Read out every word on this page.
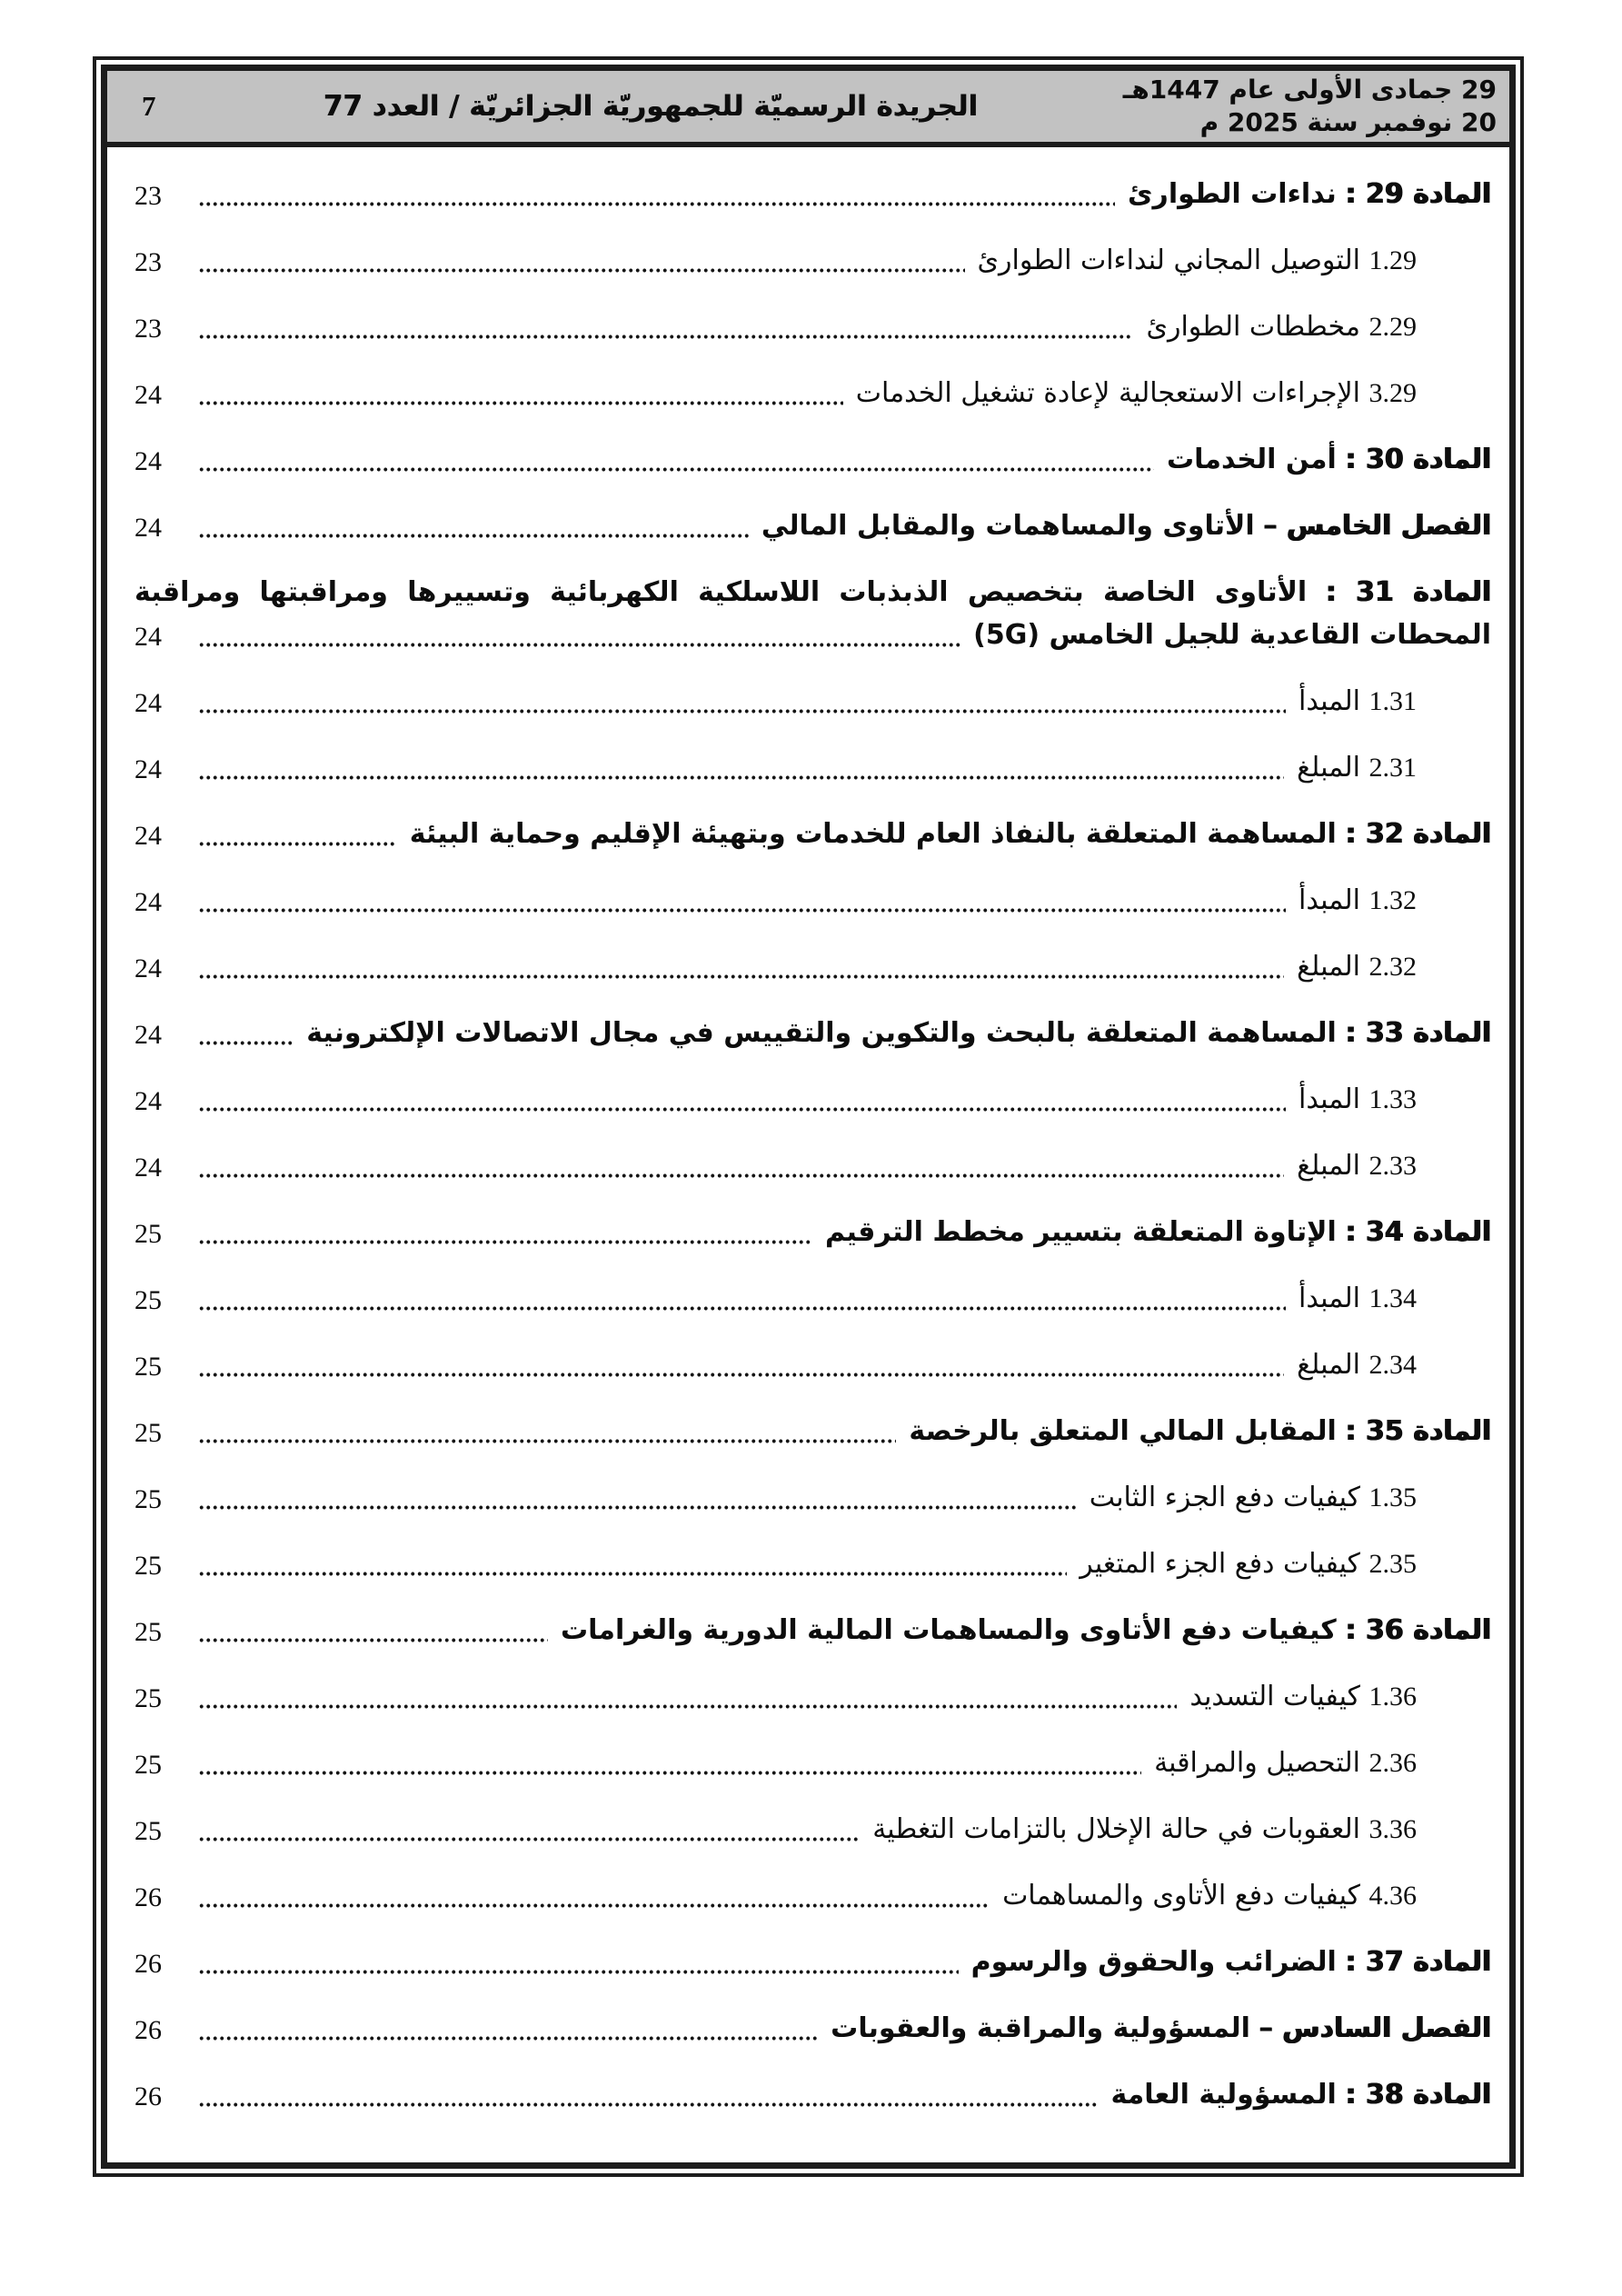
29 جمادى الأولى عام 1447هـ
20 نوفمبر سنة 2025 م
الجريدة الرسميّة للجمهوريّة الجزائريّة / العدد 77
7
المادة 29 : نداءات الطوارئ
23
1.29 التوصيل المجاني لنداءات الطوارئ
23
2.29 مخططات الطوارئ
23
3.29 الإجراءات الاستعجالية لإعادة تشغيل الخدمات
24
المادة 30 : أمن الخدمات
24
الفصل الخامس – الأتاوى والمساهمات والمقابل المالي
24
المادة 31 : الأتاوى الخاصة بتخصيص الذبذبات اللاسلكية الكهربائية وتسييرها ومراقبتها ومراقبة
المحطات القاعدية للجيل الخامس (5G)
24
1.31 المبدأ
24
2.31 المبلغ
24
المادة 32 : المساهمة المتعلقة بالنفاذ العام للخدمات وبتهيئة الإقليم وحماية البيئة
24
1.32 المبدأ
24
2.32 المبلغ
24
المادة 33 : المساهمة المتعلقة بالبحث والتكوين والتقييس في مجال الاتصالات الإلكترونية
24
1.33 المبدأ
24
2.33 المبلغ
24
المادة 34 : الإتاوة المتعلقة بتسيير مخطط الترقيم
25
1.34 المبدأ
25
2.34 المبلغ
25
المادة 35 : المقابل المالي المتعلق بالرخصة
25
1.35 كيفيات دفع الجزء الثابت
25
2.35 كيفيات دفع الجزء المتغير
25
المادة 36 : كيفيات دفع الأتاوى والمساهمات المالية الدورية والغرامات
25
1.36 كيفيات التسديد
25
2.36 التحصيل والمراقبة
25
3.36 العقوبات في حالة الإخلال بالتزامات التغطية
25
4.36 كيفيات دفع الأتاوى والمساهمات
26
المادة 37 : الضرائب والحقوق والرسوم
26
الفصل السادس – المسؤولية والمراقبة والعقوبات
26
المادة 38 : المسؤولية العامة
26
